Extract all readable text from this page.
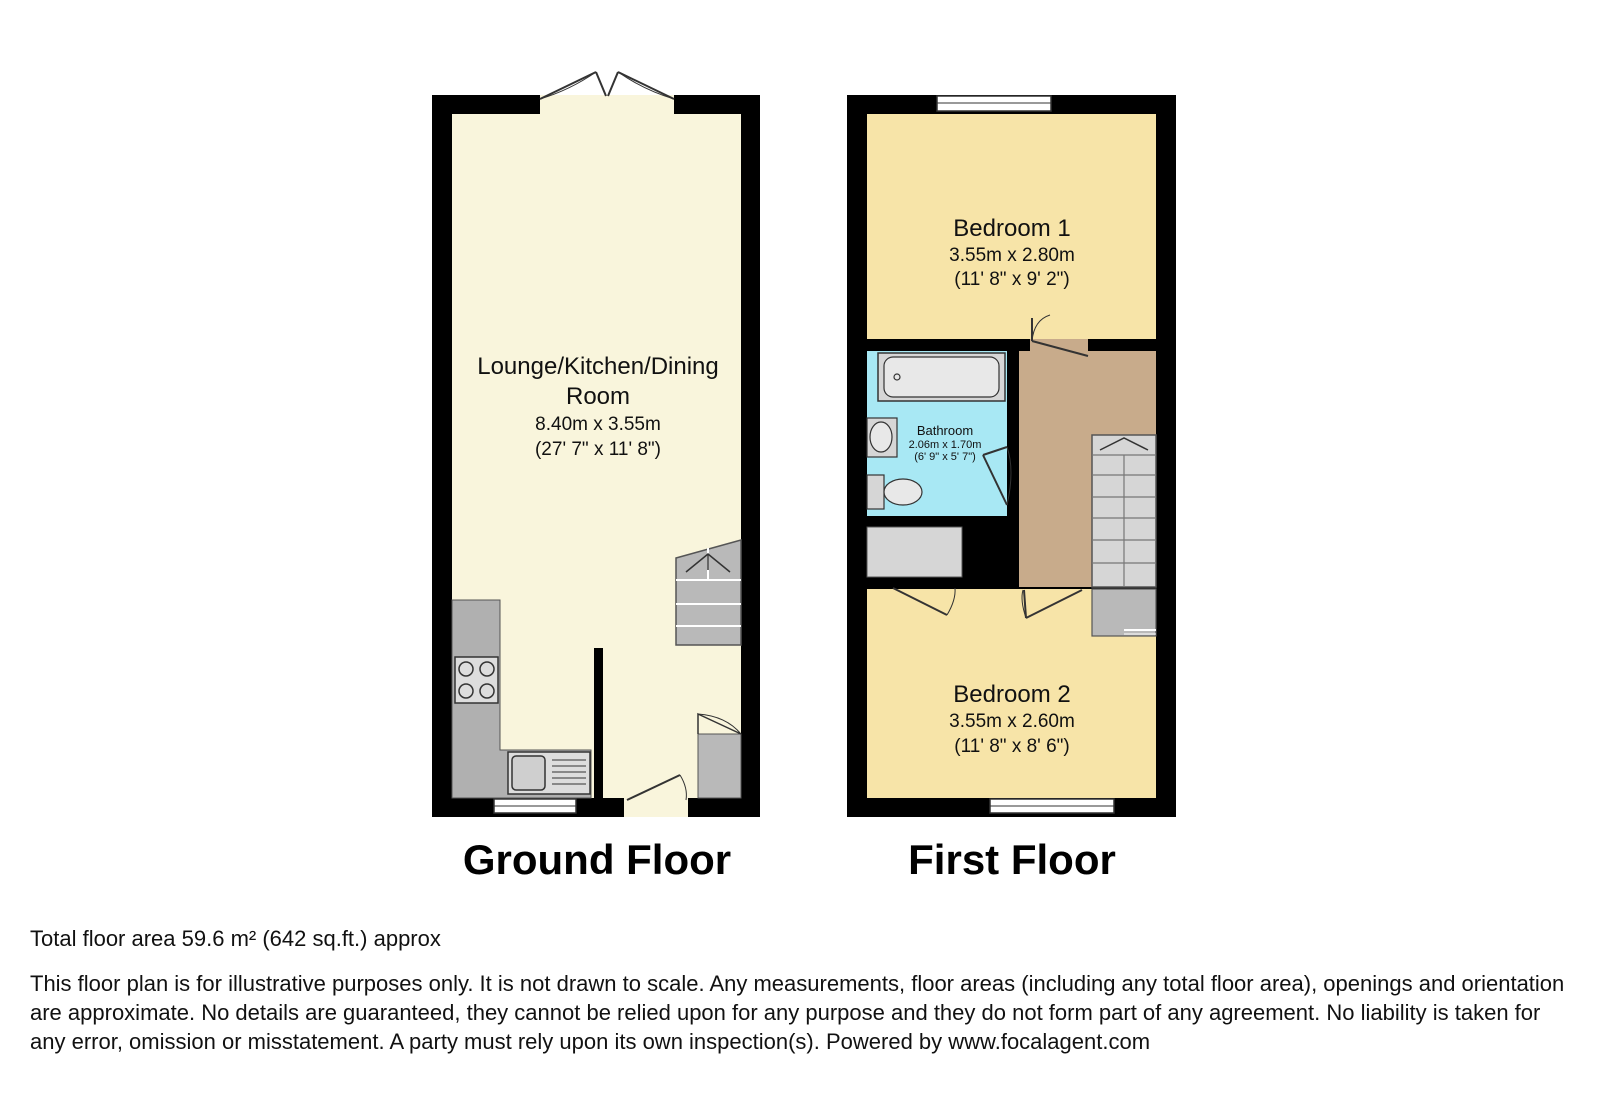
Lounge/Kitchen/Dining
Room
8.40m x 3.55m
(27' 7" x 11' 8")
Ground Floor
Bathroom
2.06m x 1.70m
(6' 9" x 5' 7")
Bedroom 1
3.55m x 2.80m
(11' 8" x 9' 2")
Bedroom 2
3.55m x 2.60m
(11' 8" x 8' 6")
First Floor
Total floor area 59.6 m² (642 sq.ft.) approx
This floor plan is for illustrative purposes only. It is not drawn to scale. Any measurements, floor areas (including any total floor area), openings and orientation are approximate. No details are guaranteed, they cannot be relied upon for any purpose and they do not form part of any agreement. No liability is taken for any error, omission or misstatement. A party must rely upon its own inspection(s). Powered by www.focalagent.com
